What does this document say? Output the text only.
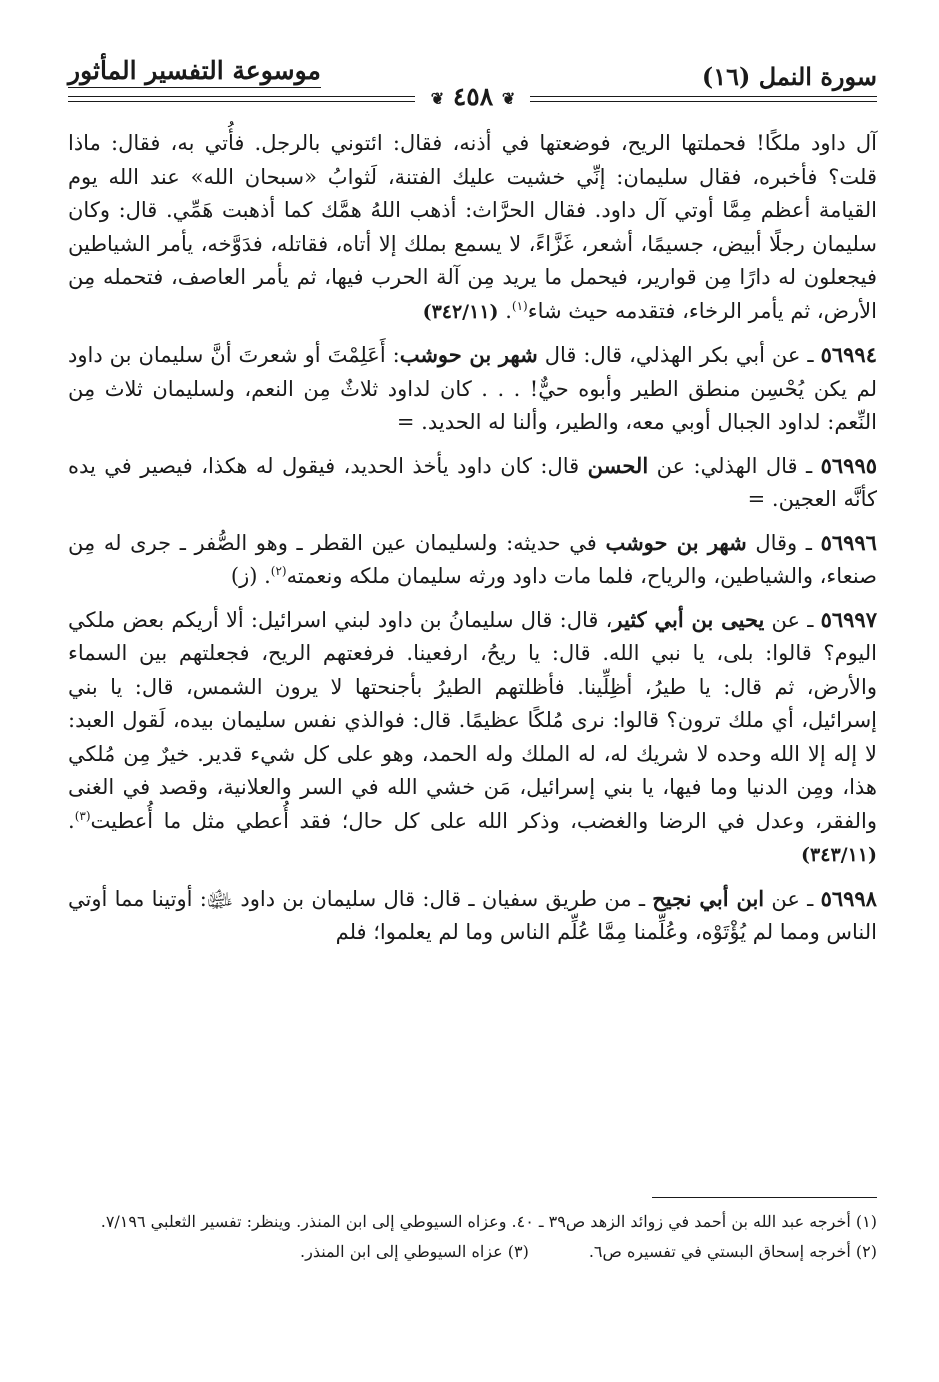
سورة النمل (١٦)
موسوعة التفسير المأثور
❦ ٤٥٨ ❦

آل داود ملكًا! فحملتها الريح، فوضعتها في أذنه، فقال: ائتوني بالرجل. فأُتي به، فقال: ماذا قلت؟ فأخبره، فقال سليمان: إنِّي خشيت عليك الفتنة، لَثوابُ «سبحان الله» عند الله يوم القيامة أعظم مِمَّا أوتي آل داود. فقال الحرَّاث: أذهب اللهُ همَّك كما أذهبت هَمِّي. قال: وكان سليمان رجلًا أبيض، جسيمًا، أشعر، غَزَّاءً، لا يسمع بملك إلا أتاه، فقاتله، فدَوَّخه، يأمر الشياطين فيجعلون له دارًا مِن قوارير، فيحمل ما يريد مِن آلة الحرب فيها، ثم يأمر العاصف، فتحمله مِن الأرض، ثم يأمر الرخاء، فتقدمه حيث شاء$^{(١)}$. (٣٤٢/١١)

٥٦٩٩٤ ـ عن أبي بكر الهذلي، قال: قال شهر بن حوشب: أَعَلِمْتَ أو شعرتَ أنَّ سليمان بن داود لم يكن يُحْسِن منطق الطير وأبوه حيٌّ! . . . كان لداود ثلاثٌ مِن النعم، ولسليمان ثلاث مِن النِّعم: لداود الجبال أوبي معه، والطير، وألنا له الحديد. =

٥٦٩٩٥ ـ قال الهذلي: عن الحسن قال: كان داود يأخذ الحديد، فيقول له هكذا، فيصير في يده كأنَّه العجين. =

٥٦٩٩٦ ـ وقال شهر بن حوشب في حديثه: ولسليمان عين القطر ـ وهو الصُّفر ـ جرى له مِن صنعاء، والشياطين، والرياح، فلما مات داود ورثه سليمان ملكه ونعمته$^{(٢)}$. (ز)

٥٦٩٩٧ ـ عن يحيى بن أبي كثير، قال: قال سليمانُ بن داود لبني اسرائيل: ألا أريكم بعض ملكي اليوم؟ قالوا: بلى، يا نبي الله. قال: يا ريحُ، ارفعينا. فرفعتهم الريح، فجعلتهم بين السماء والأرض، ثم قال: يا طيرُ، أظِلِّينا. فأظلتهم الطيرُ بأجنحتها لا يرون الشمس، قال: يا بني إسرائيل، أي ملك ترون؟ قالوا: نرى مُلكًا عظيمًا. قال: فوالذي نفس سليمان بيده، لَقول العبد: لا إله إلا الله وحده لا شريك له، له الملك وله الحمد، وهو على كل شيء قدير. خيرٌ مِن مُلكي هذا، ومِن الدنيا وما فيها، يا بني إسرائيل، مَن خشي الله في السر والعلانية، وقصد في الغنى والفقر، وعدل في الرضا والغضب، وذكر الله على كل حال؛ فقد أُعطي مثل ما أُعطيت$^{(٣)}$. (٣٤٣/١١)

٥٦٩٩٨ ـ عن ابن أبي نجيح ـ من طريق سفيان ـ قال: قال سليمان بن داود ﵉: أوتينا مما أوتي الناس ومما لم يُؤْتَوْه، وعُلِّمنا مِمَّا عُلِّم الناس وما لم يعلموا؛ فلم

(١) أخرجه عبد الله بن أحمد في زوائد الزهد ص٣٩ ـ ٤٠. وعزاه السيوطي إلى ابن المنذر. وينظر: تفسير الثعلبي ٧/١٩٦.

(٢) أخرجه إسحاق البستي في تفسيره ص٦.
(٣) عزاه السيوطي إلى ابن المنذر.
